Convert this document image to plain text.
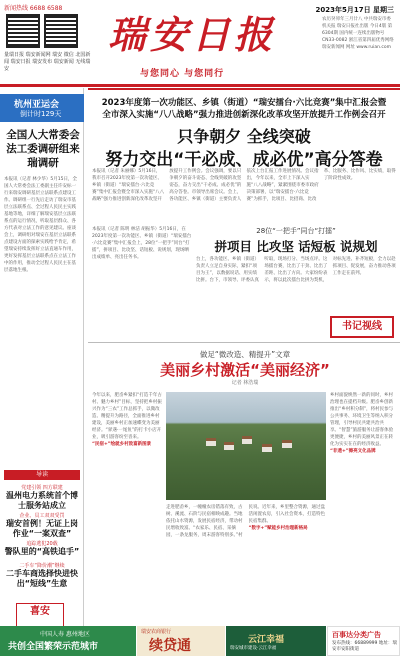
新闻热线 6688 6588
量瑞日报 瑞安新闻网 瑞安 微信 北国新闻 瑞安日报 瑞安发布 瑞安新闻 无线瑞安
瑞安日报
与您同心 与您同行
2023年5月17日 星期三
农历癸卯年三月廿八 中共瑞安市委机关报 瑞安日报社出版 今日4版 第6304期 国内统一连续出版物号 CN33-0082 浙江省第四届优秀网络 瑞安新闻网 网址 www.ruian.com
杭州亚运会
倒计时129天
全国人大常委会法工委调研组来瑞调研
本报讯（记者 林少华）5月15日，全国人大常委会法工委副主任许安标一行来瑞安调研基层立法联系点建设工作。调研组一行先后走访了瑞安市基层立法联系点、全过程人民民主实践基地等地，详细了解瑞安基层立法联系点的运行情况，听取基层群众、各方代表对立法工作的意见建议。座谈会上，调研组对瑞安在基层立法联系点建设方面的探索实践给予肯定，希望瑞安持续发挥好立法直通车作用，更好发挥基层立法联系点在立法工作中的作用，推动全过程人民民主在基层落地生根。
导读
党建引领 四方联建
温州电力系统首个博士服务站成立
企业、员工双双受罚
瑞安首例！无证上岗作业“一案双查”
追踪逃犯20载
警队里的“高铁追手”
二手车“降价潮”继续
二手车商选择快进快出“短线”生意
喜安
2023年度第一次功能区、乡镇（街道）“瑞安擂台·六比竞赛”集中汇报会暨
全市深入实施“八八战略”强力推进创新深化改革攻坚开放提升工作例会召开
只争朝夕 全线突破
努力交出“干必成、成必优”高分答卷
本报讯（记者 朱丽娜）5月16日，我市召开2023年度第一次功能区、乡镇（街道）“瑞安擂台·六比竞赛”集中汇报会暨全市深入实施“八八战略”强力推进创新深化改革攻坚开放提升工作例会。会议强调，要以只争朝夕的奋斗姿态、全线突破的攻坚姿态，奋力交出“干必成、成必优”的高分答卷。市领导出席会议。会上，各功能区、乡镇（街道）主要负责人依次上台汇报工作进展情况。会议指出，今年以来，全市上下深入实施“八八战略”，紧紧围绕市委市政府决策部署，以“瑞安擂台·六比竞赛”为抓手，比项目、比招商、比改革、比服务、比作风、比实绩，取得了阶段性成效。
本报讯（记者 陈明 林洁 胡振华）5月16日，在2023年度第一次功能区、乡镇（街道）“瑞安擂台·六比竞赛”集中汇报会上，28位“一把手”同台“打擂”，拼项目、比攻坚、话短板、说规划，现场晒出成绩单、亮出任务书。
28位“一把手”同台“打擂”
拼项目 比攻坚 话短板 说规划
台上，各功能区、乡镇（街道）负责人立足自身实际，紧扣“项目为王”，以数据说话、用实绩比拼。台下，市领导、评委认真听取，现场打分、当场点评。这场擂台赛，比出了干劲、比出了差距、比出了方向。大家纷纷表示，将以此次擂台比拼为契机，对标先进、补齐短板，全力以赴抓项目、促发展，奋力推动各项工作走在前列。
书记视线
做足“微改造、精提升”文章
美丽乡村激活“美丽经济”
记者 林浩瑞
今年以来，肥岙乡紧扣“打造千年古村、魅力乡村”目标，坚持把乡村振兴作为“三农”工作总抓手，以微改造、精提升为路径，全面推进乡村建设，美丽乡村正加速蝶变为美丽经济。“驿遇·一尾鱼”的打卡小店开业，吸引游客纷至沓来。
“民宿+”绘就乡村致富新图景
走进肥岙乡，一幢幢农房错落有致，古树、溪流、石阶与民宿相映成趣。当地依托山水资源，发展民宿经济，带动村民增收致富。“农家乐、民宿、采摘园，一条龙服务，周末游客特别多。”村民说。近年来，乡里整合资源，通过盘活闲置农房，引入社会资本，打造特色民宿集群。
“数字+”赋能乡村治理新格局
乡村面貌焕然一新的同时，乡村治理也在提档升级。肥岙乡创新推出“乡村积分制”，将村民参与公共事务、环境卫生等纳入积分管理，引导村民共建共治共享。“智慧”旅游服务让游客体验更便捷，乡村的美丽风景正在转化为实实在在的经济收益。
“非遗+”擦亮文化品牌
中国人寿 惠州地区
共创全国繁荣示范城市
瑞安农商银行
续贷通	云江幸福
瑞安城市建设·云江幸福
百事达分类广告
发布热线：66889999 地址：瑞安市安阳街道
